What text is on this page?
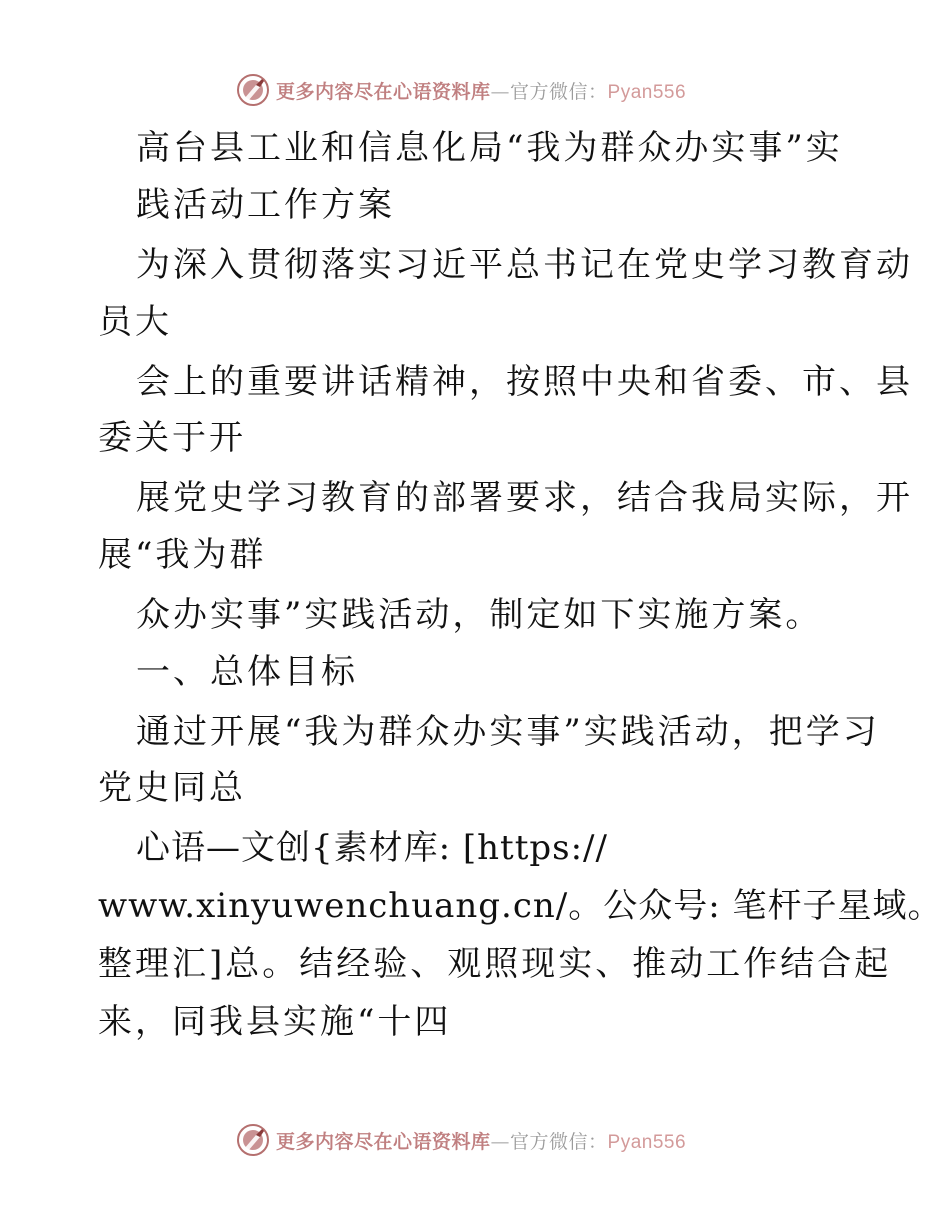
更多内容尽在心语资料库—官方微信：Pyan556
高台县工业和信息化局“我为群众办实事”实
践活动工作方案
为深入贯彻落实习近平总书记在党史学习教育动
员大
会上的重要讲话精神，按照中央和省委、市、县
委关于开
展党史学习教育的部署要求，结合我局实际，开
展“我为群
众办实事”实践活动，制定如下实施方案。
一、总体目标
通过开展“我为群众办实事”实践活动，把学习
党史同总
心语—文创{素材库: [https://
www.xinyuwenchuang.cn/。公众号: 笔杆子星域。
整理汇]总。结经验、观照现实、推动工作结合起
来，同我县实施“十四
更多内容尽在心语资料库—官方微信：Pyan556
